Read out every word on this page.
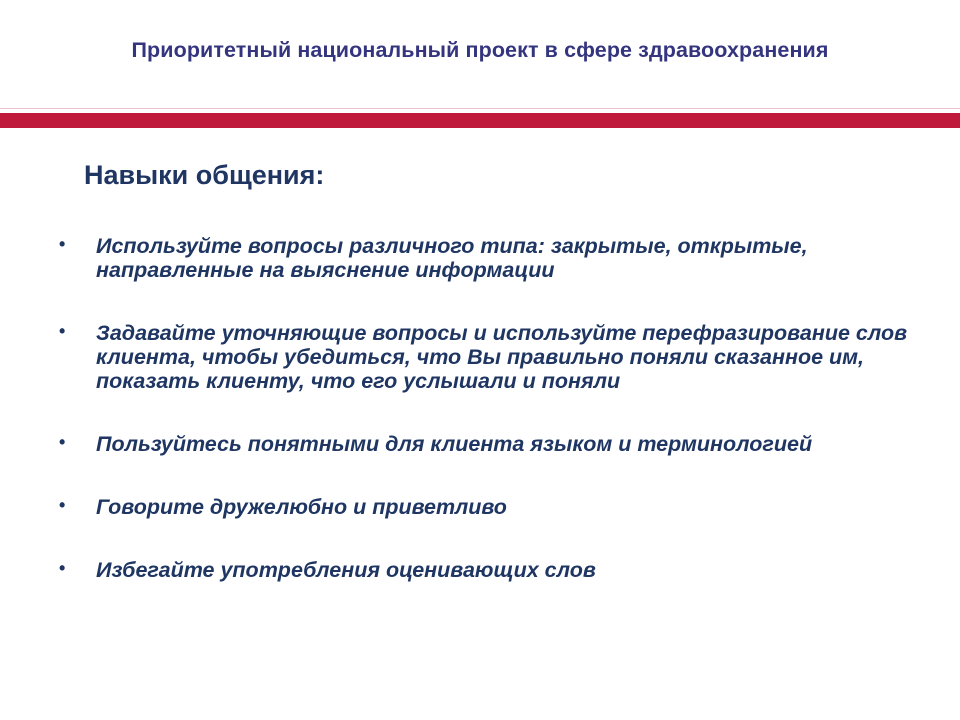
Приоритетный национальный проект в сфере здравоохранения
Навыки общения:
• Используйте вопросы различного типа: закрытые, открытые, направленные на выяснение информации
• Задавайте уточняющие вопросы и используйте перефразирование слов клиента, чтобы убедиться, что Вы правильно поняли сказанное им, показать клиенту, что его услышали и поняли
• Пользуйтесь понятными для клиента языком и терминологией
• Говорите дружелюбно и приветливо
• Избегайте употребления оценивающих слов
